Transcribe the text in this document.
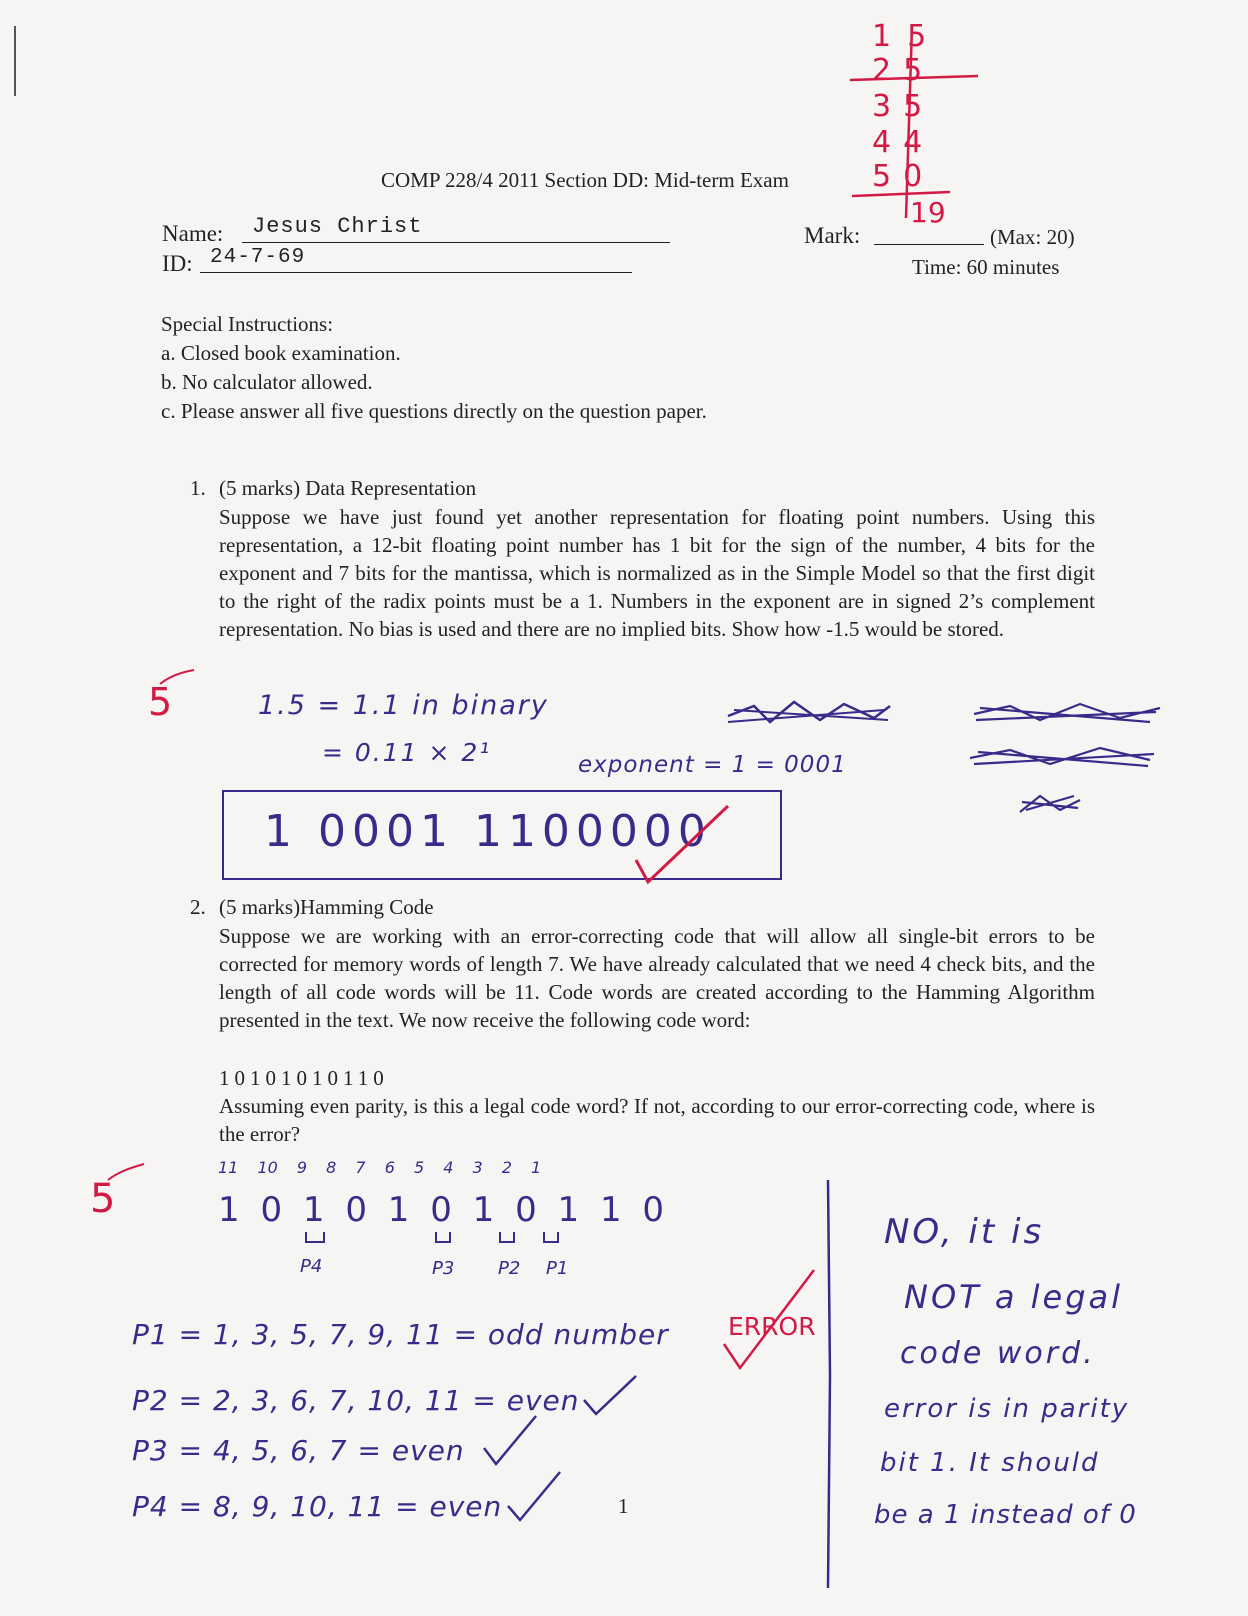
1 5
2 5
3 5
4 4
5 0
19
COMP 228/4 2011 Section DD: Mid-term Exam
Name: Jesus Christ
ID: 24-7-69
Mark:	(Max: 20)
Time: 60 minutes
Special Instructions:
a. Closed book examination.
b. No calculator allowed.
c. Please answer all five questions directly on the question paper.
1. (5 marks) Data Representation
Suppose we have just found yet another representation for floating point numbers. Using this representation, a 12-bit floating point number has 1 bit for the sign of the number, 4 bits for the exponent and 7 bits for the mantissa, which is normalized as in the Simple Model so that the first digit to the right of the radix points must be a 1. Numbers in the exponent are in signed 2’s complement representation. No bias is used and there are no implied bits. Show how -1.5 would be stored.
5	1.5 = 1.1 in binary
= 0.11 × 2¹	exponent = 1 = 0001
1 0001 1100000
2. (5 marks)Hamming Code
Suppose we are working with an error-correcting code that will allow all single-bit errors to be corrected for memory words of length 7. We have already calculated that we need 4 check bits, and the length of all code words will be 11. Code words are created according to the Hamming Algorithm presented in the text. We now receive the following code word:
10101010110
Assuming even parity, is this a legal code word? If not, according to our error-correcting code, where is the error?
5
11 10 9 8 7 6 5 4 3 2 1
1 0 1 0 1 0 1 0 1 1 0
P4	P3 P2 P1
P1 = 1, 3, 5, 7, 9, 11 = odd number ERROR
P2 = 2, 3, 6, 7, 10, 11 = even
P3 = 4, 5, 6, 7 = even
P4 = 8, 9, 10, 11 = even	1
NO, it is
NOT a legal
code word.
error is in parity
bit 1. It should
be a 1 instead of 0
